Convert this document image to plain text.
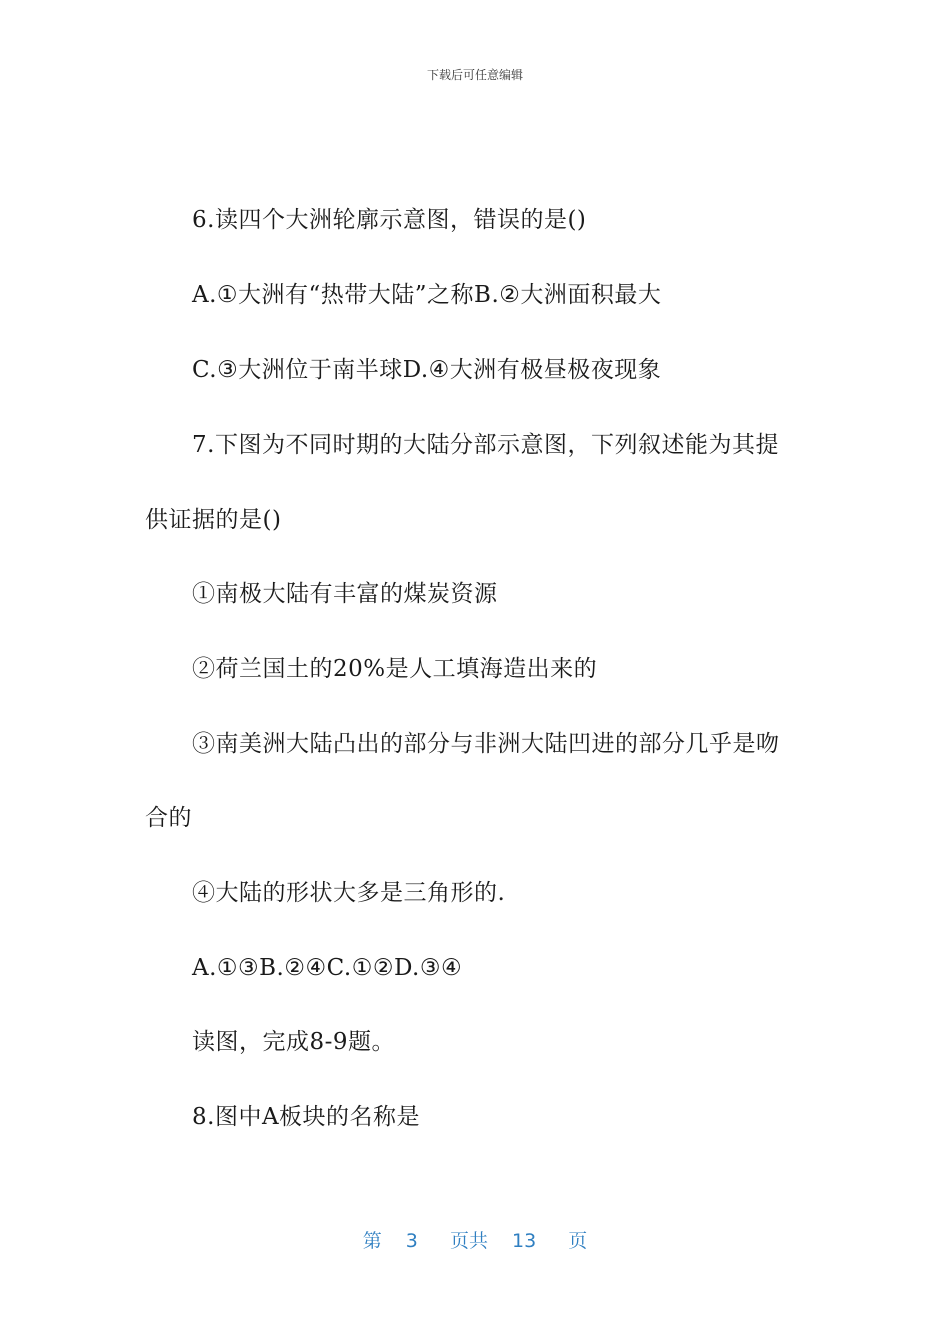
下载后可任意编辑
6.读四个大洲轮廓示意图，错误的是()
A.①大洲有“热带大陆”之称B.②大洲面积最大
C.③大洲位于南半球D.④大洲有极昼极夜现象
7.下图为不同时期的大陆分部示意图，下列叙述能为其提
供证据的是()
①南极大陆有丰富的煤炭资源
②荷兰国土的20%是人工填海造出来的
③南美洲大陆凸出的部分与非洲大陆凹进的部分几乎是吻
合的
④大陆的形状大多是三角形的.
A.①③B.②④C.①②D.③④
读图，完成8-9题。
8.图中A板块的名称是
第 3 页共 13 页
